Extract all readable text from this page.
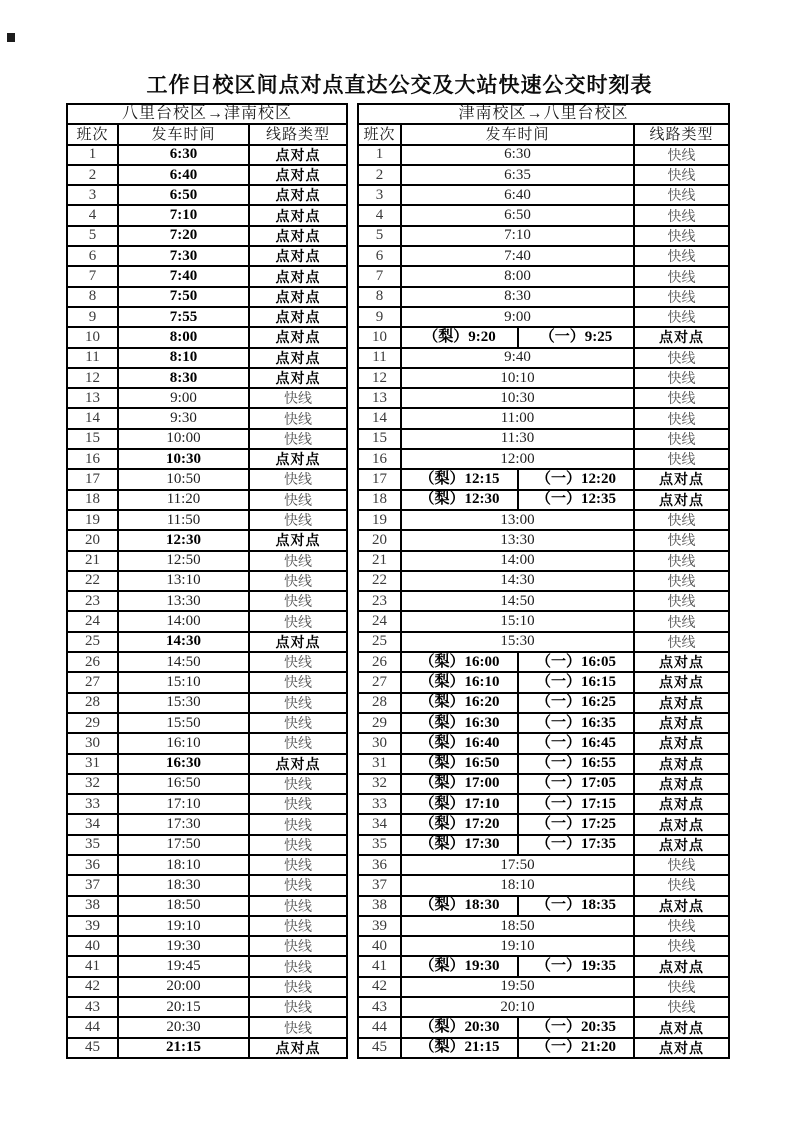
工作日校区间点对点直达公交及大站快速公交时刻表
八里台校区→津南校区		
班次	发车时间	线路类型
1	6:30	点对点
2	6:40	点对点
3	6:50	点对点
4	7:10	点对点
5	7:20	点对点
6	7:30	点对点
7	7:40	点对点
8	7:50	点对点
9	7:55	点对点
10	8:00	点对点
11	8:10	点对点
12	8:30	点对点
13	9:00	快线
14	9:30	快线
15	10:00	快线
16	10:30	点对点
17	10:50	快线
18	11:20	快线
19	11:50	快线
20	12:30	点对点
21	12:50	快线
22	13:10	快线
23	13:30	快线
24	14:00	快线
25	14:30	点对点
26	14:50	快线
27	15:10	快线
28	15:30	快线
29	15:50	快线
30	16:10	快线
31	16:30	点对点
32	16:50	快线
33	17:10	快线
34	17:30	快线
35	17:50	快线
36	18:10	快线
37	18:30	快线
38	18:50	快线
39	19:10	快线
40	19:30	快线
41	19:45	快线
42	20:00	快线
43	20:15	快线
44	20:30	快线
45	21:15	点对点
津南校区→八里台校区			
班次	发车时间		线路类型
1	6:30		快线
2	6:35		快线
3	6:40		快线
4	6:50		快线
5	7:10		快线
6	7:40		快线
7	8:00		快线
8	8:30		快线
9	9:00		快线
10	（梨）9:20	（一）9:25	点对点
11	9:40		快线
12	10:10		快线
13	10:30		快线
14	11:00		快线
15	11:30		快线
16	12:00		快线
17	（梨）12:15	（一）12:20	点对点
18	（梨）12:30	（一）12:35	点对点
19	13:00		快线
20	13:30		快线
21	14:00		快线
22	14:30		快线
23	14:50		快线
24	15:10		快线
25	15:30		快线
26	（梨）16:00	（一）16:05	点对点
27	（梨）16:10	（一）16:15	点对点
28	（梨）16:20	（一）16:25	点对点
29	（梨）16:30	（一）16:35	点对点
30	（梨）16:40	（一）16:45	点对点
31	（梨）16:50	（一）16:55	点对点
32	（梨）17:00	（一）17:05	点对点
33	（梨）17:10	（一）17:15	点对点
34	（梨）17:20	（一）17:25	点对点
35	（梨）17:30	（一）17:35	点对点
36	17:50		快线
37	18:10		快线
38	（梨）18:30	（一）18:35	点对点
39	18:50		快线
40	19:10		快线
41	（梨）19:30	（一）19:35	点对点
42	19:50		快线
43	20:10		快线
44	（梨）20:30	（一）20:35	点对点
45	（梨）21:15	（一）21:20	点对点
